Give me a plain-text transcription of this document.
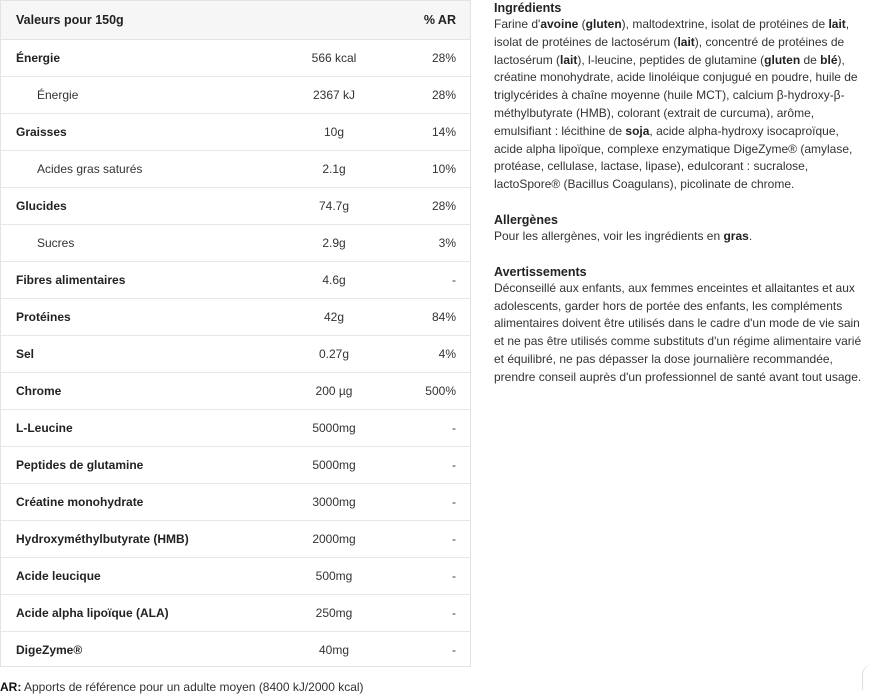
Valeurs pour 150g		% AR
Énergie	566 kcal	28%
Énergie	2367 kJ	28%
Graisses	10g	14%
Acides gras saturés	2.1g	10%
Glucides	74.7g	28%
Sucres	2.9g	3%
Fibres alimentaires	4.6g	-
Protéines	42g	84%
Sel	0.27g	4%
Chrome	200 µg	500%
L-Leucine	5000mg	-
Peptides de glutamine	5000mg	-
Créatine monohydrate	3000mg	-
Hydroxyméthylbutyrate (HMB)	2000mg	-
Acide leucique	500mg	-
Acide alpha lipoïque (ALA)	250mg	-
DigeZyme®	40mg	-
AR: Apports de référence pour un adulte moyen (8400 kJ/2000 kcal)
Ingrédients

Farine d'avoine (gluten), maltodextrine, isolat de protéines de lait, isolat de protéines de lactosérum (lait), concentré de protéines de lactosérum (lait), l-leucine, peptides de glutamine (gluten de blé), créatine monohydrate, acide linoléique conjugué en poudre, huile de triglycérides à chaîne moyenne (huile MCT), calcium β-hydroxy-β-méthylbutyrate (HMB), colorant (extrait de curcuma), arôme, emulsifiant : lécithine de soja, acide alpha-hydroxy isocaproïque, acide alpha lipoïque, complexe enzymatique DigeZyme® (amylase, protéase, cellulase, lactase, lipase), edulcorant : sucralose, lactoSpore® (Bacillus Coagulans), picolinate de chrome.

Allergènes

Pour les allergènes, voir les ingrédients en gras.

Avertissements

Déconseillé aux enfants, aux femmes enceintes et allaitantes et aux adolescents, garder hors de portée des enfants, les compléments alimentaires doivent être utilisés dans le cadre d'un mode de vie sain et ne pas être utilisés comme substituts d'un régime alimentaire varié et équilibré, ne pas dépasser la dose journalière recommandée, prendre conseil auprès d'un professionnel de santé avant tout usage.
